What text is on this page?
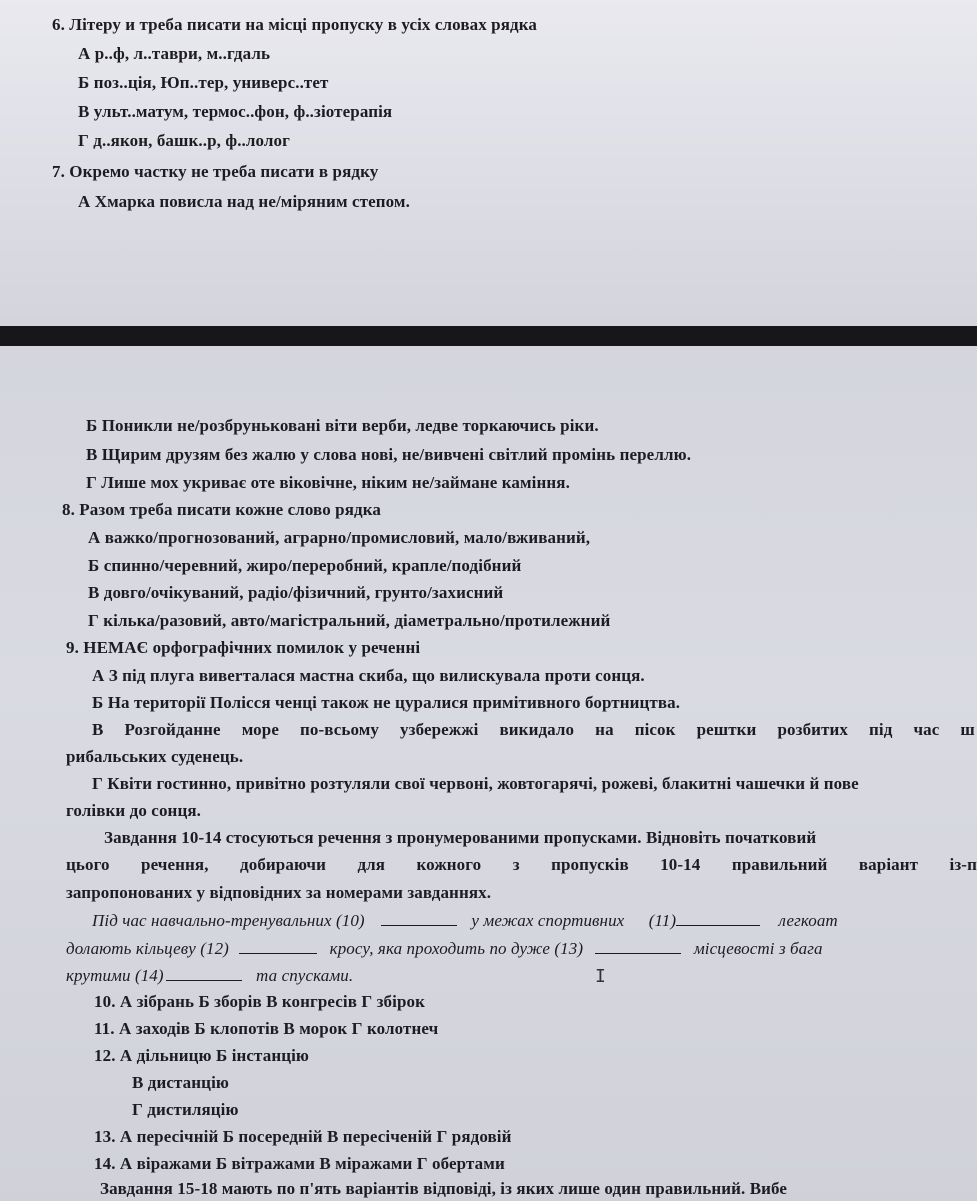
6. Літеру и треба писати на місці пропуску в усіх словах рядка
А р..ф, л..таври, м..гдаль
Б поз..ція, Юп..тер, универс..тет
В ульт..матум, термос..фон, ф..зіотерапія
Г д..якон, башк..р, ф..лолог
7. Окремо частку не треба писати в рядку
А Хмарка повисла над не/міряним степом.
Б Поникли не/розбруньковані віти верби, ледве торкаючись ріки.
В Щирим друзям без жалю у слова нові, не/вивчені світлий промінь переллю.
Г Лише мох укриває оте віковічне, ніким не/займане каміння.
8. Разом треба писати кожне слово рядка
А важко/прогнозований, аграрно/промисловий, мало/вживаний,
Б спинно/черевний, жиро/переробний, крапле/подібний
В довго/очікуваний, радіо/фізичний, грунто/захисний
Г кілька/разовий, авто/магістральний, діаметрально/протилежний
9. НЕМАЄ орфографічних помилок у реченні
А З під плуга вивerталася мастна скиба, що вилискувала проти сонця.
Б На території Полісся ченці також не цуралися примітивного бортництва.
В Розгойданне море по-всьому узбережжі викидало на пісок рештки розбитих під час ш
рибальських суденець.
Г Квіти гостинно, привітно розтуляли свої червоні, жовтогарячі, рожеві, блакитні чашечки й пове
голівки до сонця.
Завдання 10-14 стосуються речення з пронумерованими пропусками. Відновіть початковий
цього речення, добираючи для кожного з пропусків 10-14 правильний варіант із-п
запропонованих у відповідних за номерами завданнях.
Під час навчально-тренувальних (10)	у межах спортивних (11)	легкоат
долають кільцеву (12)	кросу, яка проходить по дуже (13)	місцевості з бага
крутими (14)	та спусками.	I
10. А зібрань Б зборів В конгресів Г збірок
11. А заходів Б клопотів В морок Г колотнеч
12. А дільницю Б інстанцію
В дистанцію
Г дистиляцію
13. А пересічній Б посередній В пересіченій Г рядовій
14. А віражами Б вітражами В міражами Г обертами
Завдання 15-18 мають по п'ять варіантів відповіді, із яких лише один правильний. Вибе
